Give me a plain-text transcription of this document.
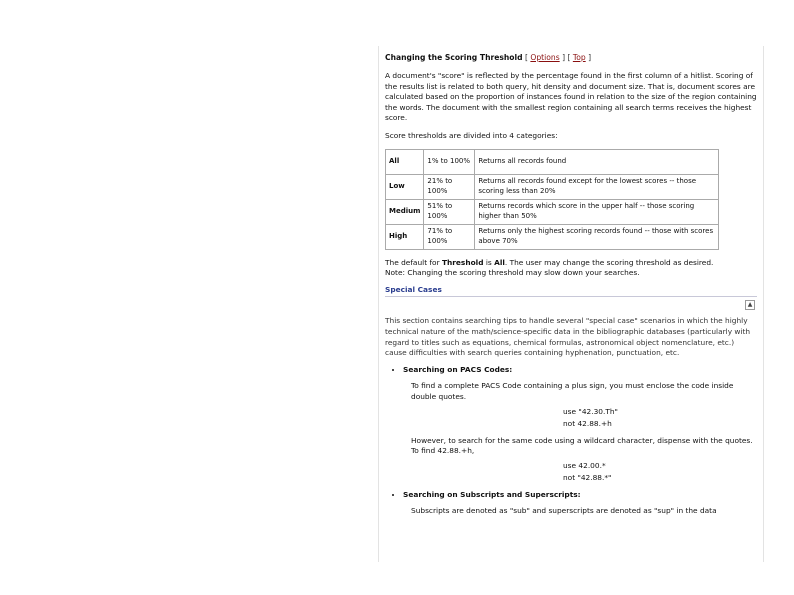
Changing the Scoring Threshold [ Options ] [ Top ]

A document's "score" is reflected by the percentage found in the first column of a hitlist. Scoring of the results list is related to both query, hit density and document size. That is, document scores are calculated based on the proportion of instances found in relation to the size of the region containing the words. The document with the smallest region containing all search terms receives the highest score.

Score thresholds are divided into 4 categories:

All	1% to 100%	Returns all records found
Low	21% to 100%	Returns all records found except for the lowest scores -- those scoring less than 20%
Medium	51% to 100%	Returns records which score in the upper half -- those scoring higher than 50%
High	71% to 100%	Returns only the highest scoring records found -- those with scores above 70%

The default for Threshold is All. The user may change the scoring threshold as desired.
Note: Changing the scoring threshold may slow down your searches.

Special Cases
▲

This section contains searching tips to handle several "special case" scenarios in which the highly technical nature of the math/science-specific data in the bibliographic databases (particularly with regard to titles such as equations, chemical formulas, astronomical object nomenclature, etc.) cause difficulties with search queries containing hyphenation, punctuation, etc.

• Searching on PACS Codes:
To find a complete PACS Code containing a plus sign, you must enclose the code inside double quotes.
use "42.30.Th"
not 42.88.+h
However, to search for the same code using a wildcard character, dispense with the quotes. To find 42.88.+h,
use 42.00.*
not "42.88.*"
• Searching on Subscripts and Superscripts:
Subscripts are denoted as "sub" and superscripts are denoted as "sup" in the data
